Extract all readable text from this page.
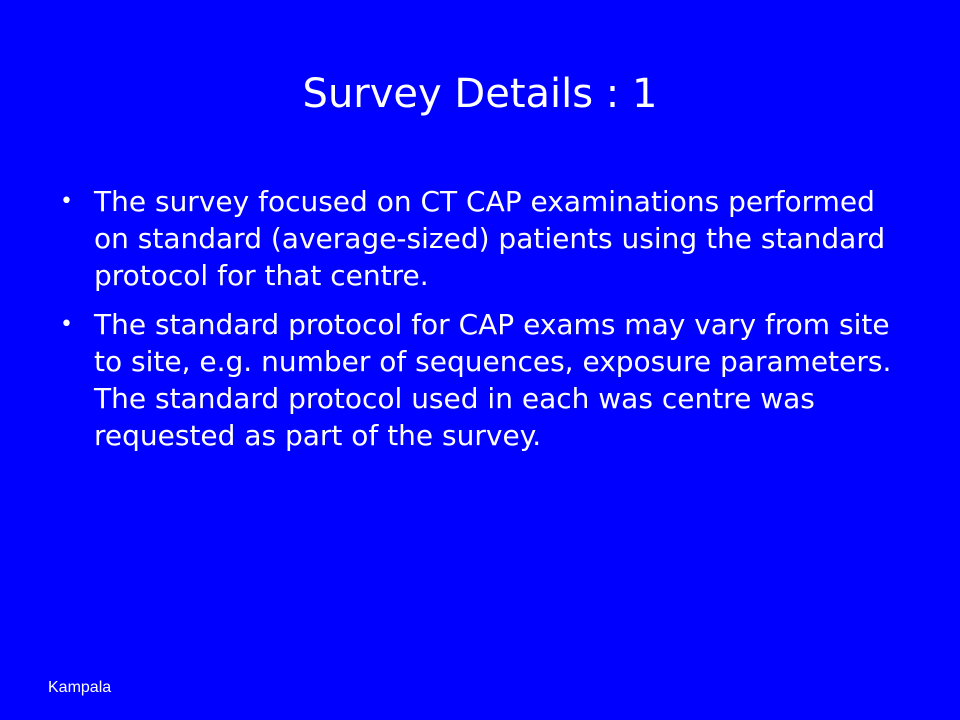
Survey Details : 1
• The survey focused on CT CAP examinations performed on standard (average-sized) patients using the standard protocol for that centre.
• The standard protocol for CAP exams may vary from site to site, e.g. number of sequences, exposure parameters. The standard protocol used in each was centre was requested as part of the survey.
Kampala
